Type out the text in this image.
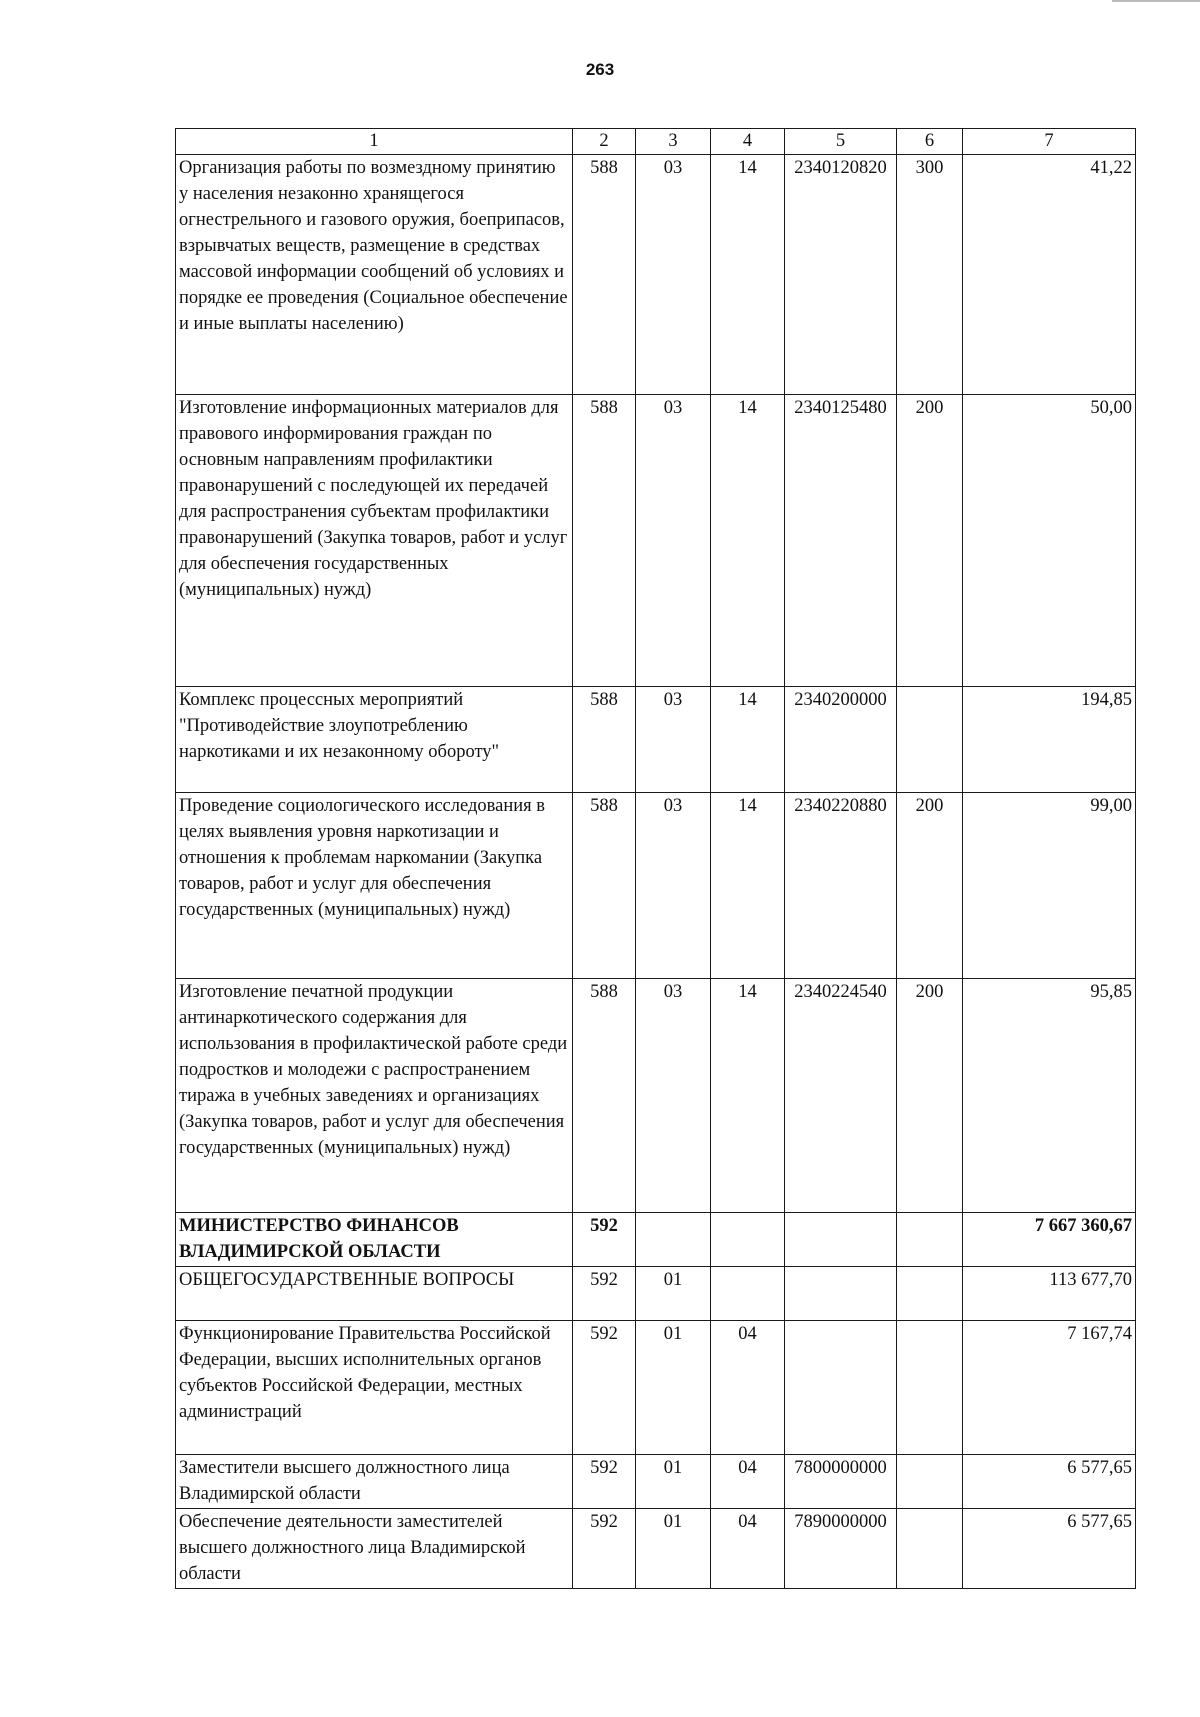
263
1	2	3	4	5	6	7
Организация работы по возмездному принятию у населения незаконно хранящегося огнестрельного и газового оружия, боеприпасов, взрывчатых веществ, размещение в средствах массовой информации сообщений об условиях и порядке ее проведения (Социальное обеспечение и иные выплаты населению)	588	03	14	2340120820	300	41,22
Изготовление информационных материалов для правового информирования граждан по основным направлениям профилактики правонарушений с последующей их передачей для распространения субъектам профилактики правонарушений (Закупка товаров, работ и услуг для обеспечения государственных (муниципальных) нужд)	588	03	14	2340125480	200	50,00
Комплекс процессных мероприятий "Противодействие злоупотреблению наркотиками и их незаконному обороту"	588	03	14	2340200000		194,85
Проведение социологического исследования в целях выявления уровня наркотизации и отношения к проблемам наркомании (Закупка товаров, работ и услуг для обеспечения государственных (муниципальных) нужд)	588	03	14	2340220880	200	99,00
Изготовление печатной продукции антинаркотического содержания для использования в профилактической работе среди подростков и молодежи с распространением тиража в учебных заведениях и организациях (Закупка товаров, работ и услуг для обеспечения государственных (муниципальных) нужд)	588	03	14	2340224540	200	95,85
МИНИСТЕРСТВО ФИНАНСОВ ВЛАДИМИРСКОЙ ОБЛАСТИ	592					7 667 360,67
ОБЩЕГОСУДАРСТВЕННЫЕ ВОПРОСЫ	592	01				113 677,70
Функционирование Правительства Российской Федерации, высших исполнительных органов субъектов Российской Федерации, местных администраций	592	01	04			7 167,74
Заместители высшего должностного лица Владимирской области	592	01	04	7800000000		6 577,65
Обеспечение деятельности заместителей высшего должностного лица Владимирской области	592	01	04	7890000000		6 577,65
